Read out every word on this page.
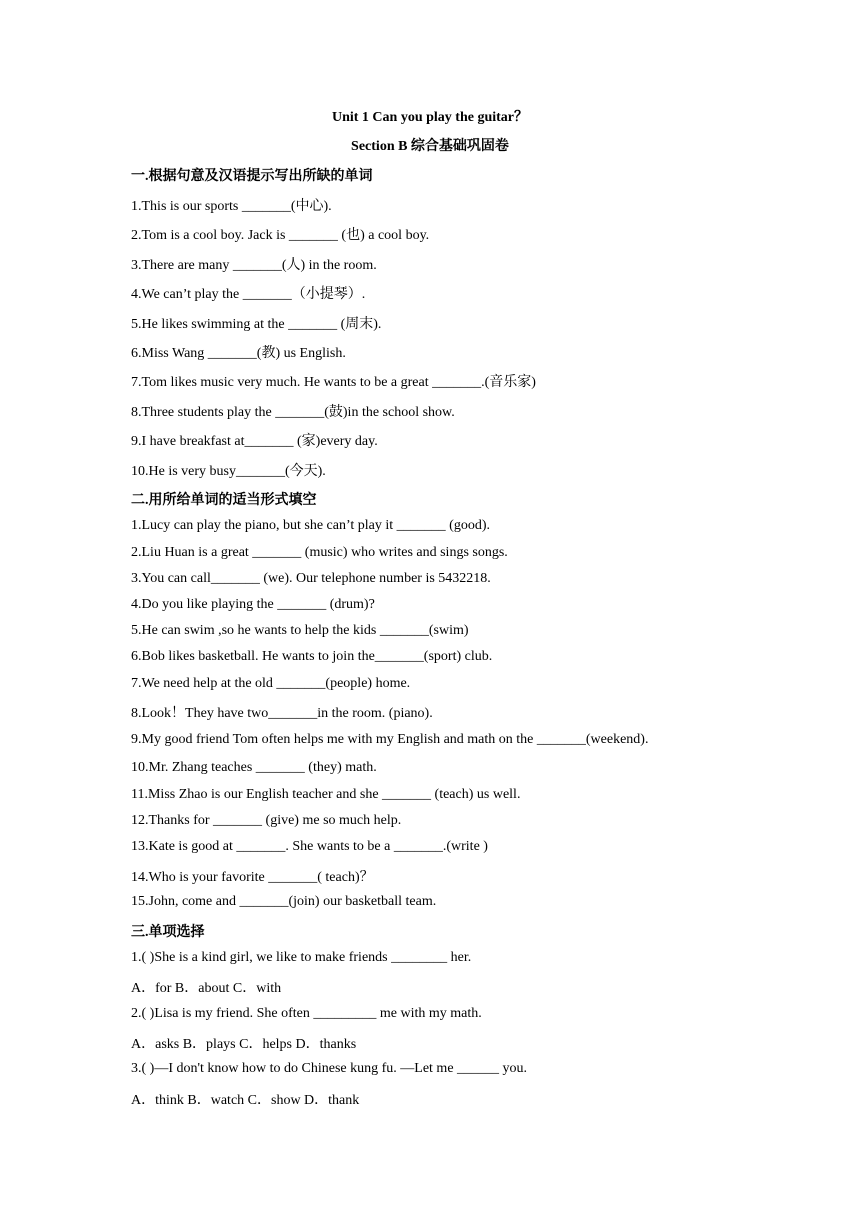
Unit 1 Can you play the guitar？
Section B 综合基础巩固卷
一.根据句意及汉语提示写出所缺的单词
1.This is our sports _______(中心).
2.Tom is a cool boy. Jack is _______ (也) a cool boy.
3.There are many _______(人) in the room.
4.We can’t play the _______（小提琴）.
5.He likes swimming at the _______ (周末).
6.Miss Wang _______(教) us English.
7.Tom likes music very much. He wants to be a great _______.(音乐家)
8.Three students play the _______(鼓)in the school show.
9.I have breakfast at_______ (家)every day.
10.He is very busy_______(今天).
二.用所给单词的适当形式填空
1.Lucy can play the piano, but she can’t play it _______ (good).
2.Liu Huan is a great _______ (music) who writes and sings songs.
3.You can call_______ (we). Our telephone number is 5432218.
4.Do you like playing the _______ (drum)?
5.He can swim ,so he wants to help the kids _______(swim)
6.Bob likes basketball. He wants to join the_______(sport) club.
7.We need help at the old _______(people) home.
8.Look！They have two_______in the room. (piano).
9.My good friend Tom often helps me with my English and math on the _______(weekend).
10.Mr. Zhang teaches _______ (they) math.
11.Miss Zhao is our English teacher and she _______ (teach) us well.
12.Thanks for _______ (give) me so much help.
13.Kate is good at _______. She wants to be a _______.(write )
14.Who is your favorite _______( teach)？
15.John, come and _______(join) our basketball team.
三.单项选择
1.( )She is a kind girl, we like to make friends ________ her.
A．for B．about C．with
2.( )Lisa is my friend. She often _________ me with my math.
A．asks B．plays C．helps D．thanks
3.( )—I don't know how to do Chinese kung fu. —Let me ______ you.
A．think B．watch C．show D．thank
